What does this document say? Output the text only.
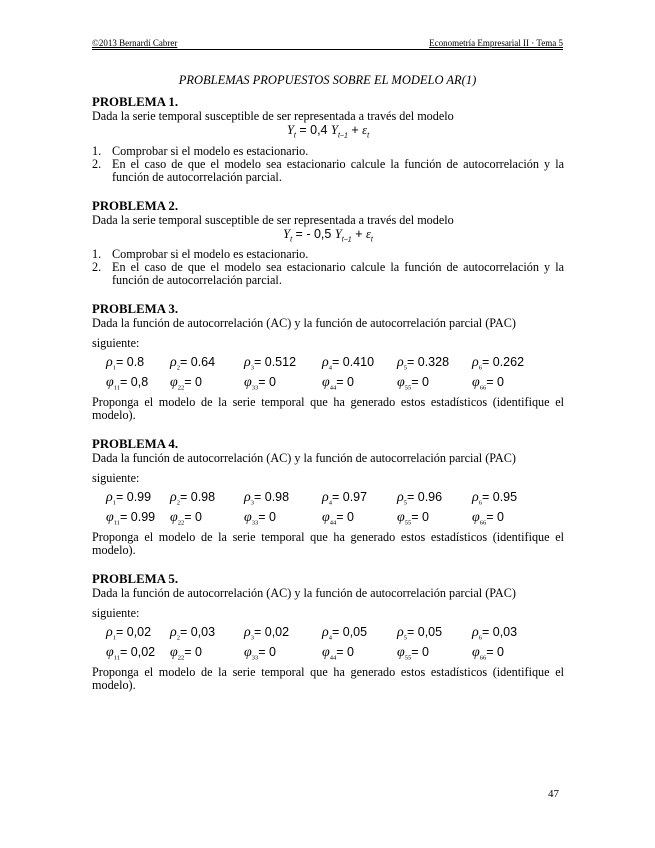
©2013 Bernardí Cabrer	Econometría Empresarial II · Tema 5
PROBLEMAS PROPUESTOS SOBRE EL MODELO AR(1)
PROBLEMA 1.
Dada la serie temporal susceptible de ser representada a través del modelo
$Y_t = 0,4$ $Y_{t-1} + \varepsilon_t$
1. Comprobar si el modelo es estacionario.
2. En el caso de que el modelo sea estacionario calcule la función de autocorrelación y la función de autocorrelación parcial.
PROBLEMA 2.
Dada la serie temporal susceptible de ser representada a través del modelo
$Y_t$ = - 0,5 $Y_{t-1} + \varepsilon_t$
1. Comprobar si el modelo es estacionario.
2. En el caso de que el modelo sea estacionario calcule la función de autocorrelación y la función de autocorrelación parcial.
PROBLEMA 3.
Dada la función de autocorrelación (AC) y la función de autocorrelación parcial (PAC)
siguiente:
$\rho_1= 0.8$ $\rho_2= 0.64$ $\rho_3= 0.512$ $\rho_4= 0.410$ $\rho_5= 0.328$ $\rho_6= 0.262$
$\varphi_{11}= 0,8$ $\varphi_{22}= 0$	$\varphi_{33}= 0$	$\varphi_{44}= 0$	$\varphi_{55}= 0$	$\varphi_{66}= 0$
Proponga el modelo de la serie temporal que ha generado estos estadísticos (identifique el modelo).
PROBLEMA 4.
Dada la función de autocorrelación (AC) y la función de autocorrelación parcial (PAC)
siguiente:
$\rho_1= 0.99$ $\rho_2= 0.98$ $\rho_3= 0.98$ $\rho_4= 0.97$ $\rho_5= 0.96$ $\rho_6= 0.95$
$\varphi_{11}= 0.99$ $\varphi_{22}= 0$	$\varphi_{33}= 0$	$\varphi_{44}= 0$	$\varphi_{55}= 0$	$\varphi_{66}= 0$
Proponga el modelo de la serie temporal que ha generado estos estadísticos (identifique el modelo).
PROBLEMA 5.
Dada la función de autocorrelación (AC) y la función de autocorrelación parcial (PAC)
siguiente:
$\rho_1= 0,02$ $\rho_2= 0,03$ $\rho_3= 0,02$ $\rho_4= 0,05$ $\rho_5= 0,05$ $\rho_6= 0,03$
$\varphi_{11}= 0,02$ $\varphi_{22}= 0$	$\varphi_{33}= 0$	$\varphi_{44}= 0$	$\varphi_{55}= 0$	$\varphi_{66}= 0$
Proponga el modelo de la serie temporal que ha generado estos estadísticos (identifique el modelo).
47
